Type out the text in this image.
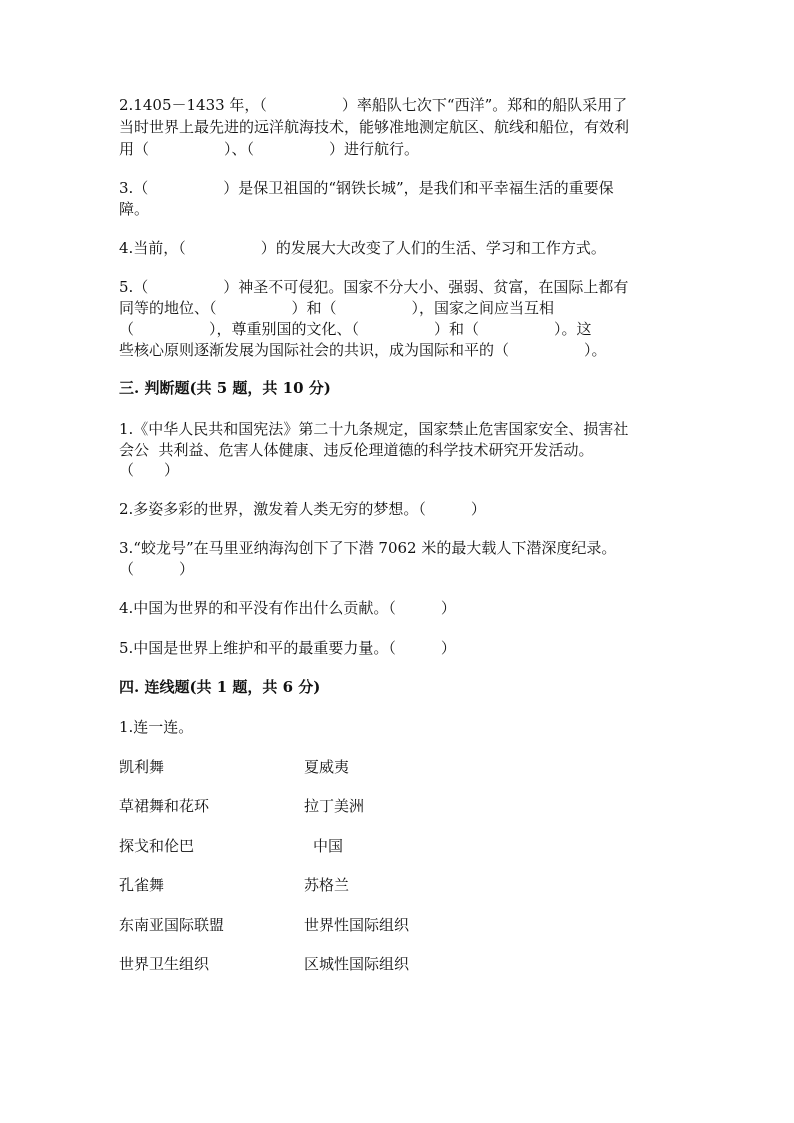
2.1405－1433 年，（　　　　　）率船队七次下“西洋”。郑和的船队采用了
当时世界上最先进的远洋航海技术，能够准地测定航区、航线和船位，有效利
用（　　　　　）、（　　　　　）进行航行。
3.（　　　　　）是保卫祖国的“钢铁长城”，是我们和平幸福生活的重要保
障。
4.当前，（　　　　　）的发展大大改变了人们的生活、学习和工作方式。
5.（　　　　　）神圣不可侵犯。国家不分大小、强弱、贫富，在国际上都有
同等的地位、（　　　　　）和（　　　　　），国家之间应当互相
（　　　　　），尊重别国的文化、（　　　　　）和（　　　　　）。这
些核心原则逐渐发展为国际社会的共识，成为国际和平的（　　　　　）。
三. 判断题(共 5 题，共 10 分)
1.《中华人民共和国宪法》第二十九条规定，国家禁止危害国家安全、损害社
会公  共利益、危害人体健康、违反伦理道德的科学技术研究开发活动。
（　　）
2.多姿多彩的世界，激发着人类无穷的梦想。（　　　）
3.“蛟龙号”在马里亚纳海沟创下了下潜 7062 米的最大载人下潜深度纪录。
（　　　）
4.中国为世界的和平没有作出什么贡献。（　　　）
5.中国是世界上维护和平的最重要力量。（　　　）
四. 连线题(共 1 题，共 6 分)
1.连一连。
凯利舞	夏威夷
草裙舞和花环	拉丁美洲
探戈和伦巴	中国
孔雀舞	苏格兰
东南亚国际联盟	世界性国际组织
世界卫生组织	区城性国际组织
